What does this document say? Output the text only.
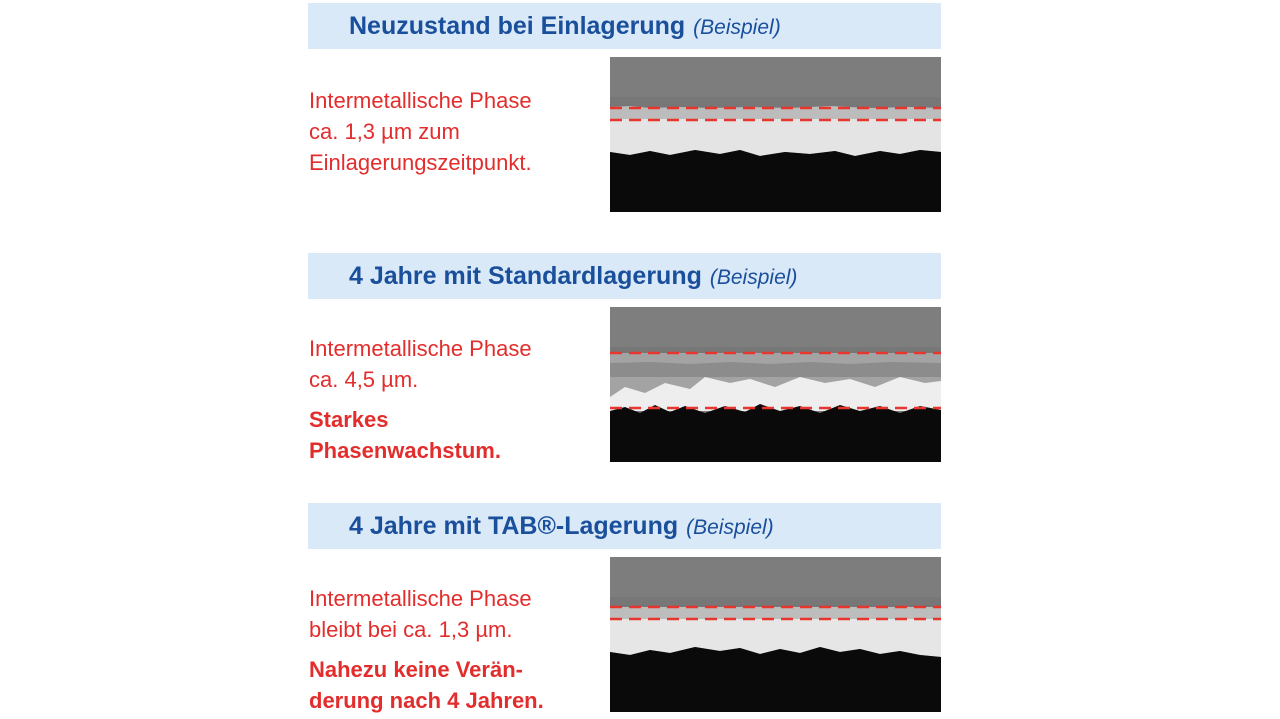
Neuzustand bei Einlagerung (Beispiel)
Intermetallische Phase
ca. 1,3 µm zum
Einlagerungszeitpunkt.
4 Jahre mit Standardlagerung (Beispiel)
Intermetallische Phase
ca. 4,5 µm.
Starkes
Phasenwachstum.
4 Jahre mit TAB®-Lagerung (Beispiel)
Intermetallische Phase
bleibt bei ca. 1,3 µm.
Nahezu keine Verän-
derung nach 4 Jahren.
